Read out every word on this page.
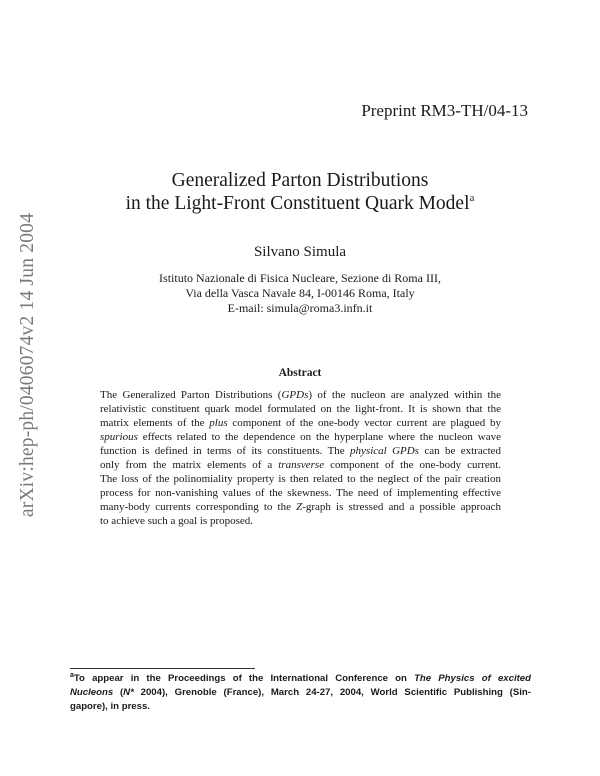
arXiv:hep-ph/0406074v2 14 Jun 2004
Preprint RM3-TH/04-13
Generalized Parton Distributions
in the Light-Front Constituent Quark Model$^a$
Silvano Simula
Istituto Nazionale di Fisica Nucleare, Sezione di Roma III,
Via della Vasca Navale 84, I-00146 Roma, Italy
E-mail: simula@roma3.infn.it
Abstract
The Generalized Parton Distributions (GPDs) of the nucleon are analyzed within the
relativistic constituent quark model formulated on the light-front. It is shown that the
matrix elements of the plus component of the one-body vector current are plagued by
spurious effects related to the dependence on the hyperplane where the nucleon wave
function is defined in terms of its constituents. The physical GPDs can be extracted
only from the matrix elements of a transverse component of the one-body current.
The loss of the polinomiality property is then related to the neglect of the pair creation
process for non-vanishing values of the skewness. The need of implementing effective
many-body currents corresponding to the Z-graph is stressed and a possible approach
to achieve such a goal is proposed.
$^a$To appear in the Proceedings of the International Conference on The Physics of excited
Nucleons (N* 2004), Grenoble (France), March 24-27, 2004, World Scientific Publishing (Sin-
gapore), in press.
